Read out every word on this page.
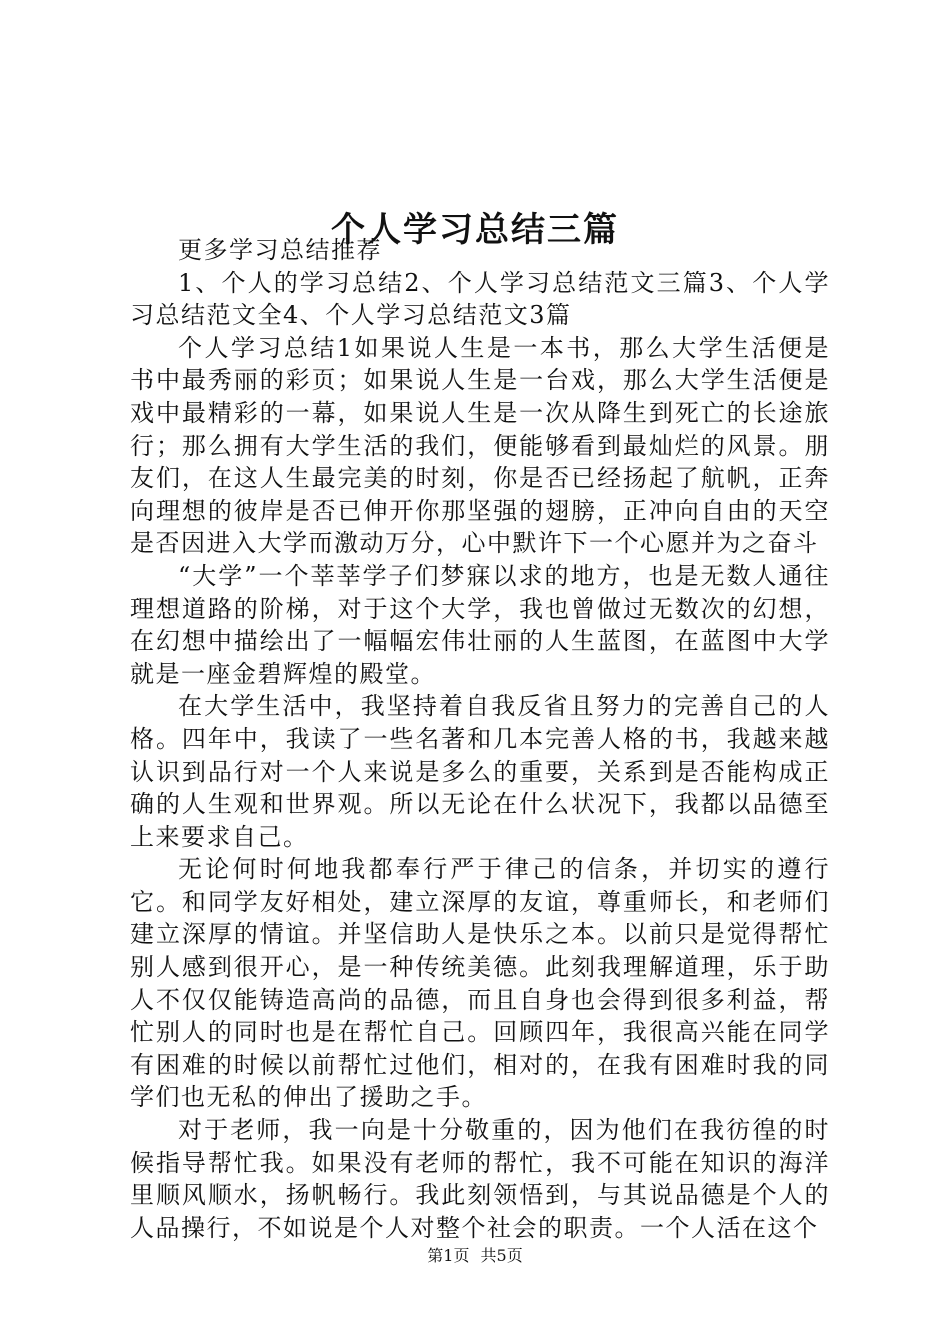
个人学习总结三篇

更多学习总结推荐

1、个人的学习总结2、个人学习总结范文三篇3、个人学习总结范文全4、个人学习总结范文3篇

个人学习总结1如果说人生是一本书，那么大学生活便是书中最秀丽的彩页；如果说人生是一台戏，那么大学生活便是戏中最精彩的一幕，如果说人生是一次从降生到死亡的长途旅行；那么拥有大学生活的我们，便能够看到最灿烂的风景。朋友们，在这人生最完美的时刻，你是否已经扬起了航帆，正奔向理想的彼岸是否已伸开你那坚强的翅膀，正冲向自由的天空是否因进入大学而激动万分，心中默许下一个心愿并为之奋斗

“大学”一个莘莘学子们梦寐以求的地方，也是无数人通往理想道路的阶梯，对于这个大学，我也曾做过无数次的幻想，在幻想中描绘出了一幅幅宏伟壮丽的人生蓝图，在蓝图中大学就是一座金碧辉煌的殿堂。

在大学生活中，我坚持着自我反省且努力的完善自己的人格。四年中，我读了一些名著和几本完善人格的书，我越来越认识到品行对一个人来说是多么的重要，关系到是否能构成正确的人生观和世界观。所以无论在什么状况下，我都以品德至上来要求自己。

无论何时何地我都奉行严于律己的信条，并切实的遵行它。和同学友好相处，建立深厚的友谊，尊重师长，和老师们建立深厚的情谊。并坚信助人是快乐之本。以前只是觉得帮忙别人感到很开心，是一种传统美德。此刻我理解道理，乐于助人不仅仅能铸造高尚的品德，而且自身也会得到很多利益，帮忙别人的同时也是在帮忙自己。回顾四年，我很高兴能在同学有困难的时候以前帮忙过他们，相对的，在我有困难时我的同学们也无私的伸出了援助之手。

对于老师，我一向是十分敬重的，因为他们在我彷徨的时候指导帮忙我。如果没有老师的帮忙，我不可能在知识的海洋里顺风顺水，扬帆畅行。我此刻领悟到，与其说品德是个人的人品操行，不如说是个人对整个社会的职责。一个人活在这个

第1页 共5页
